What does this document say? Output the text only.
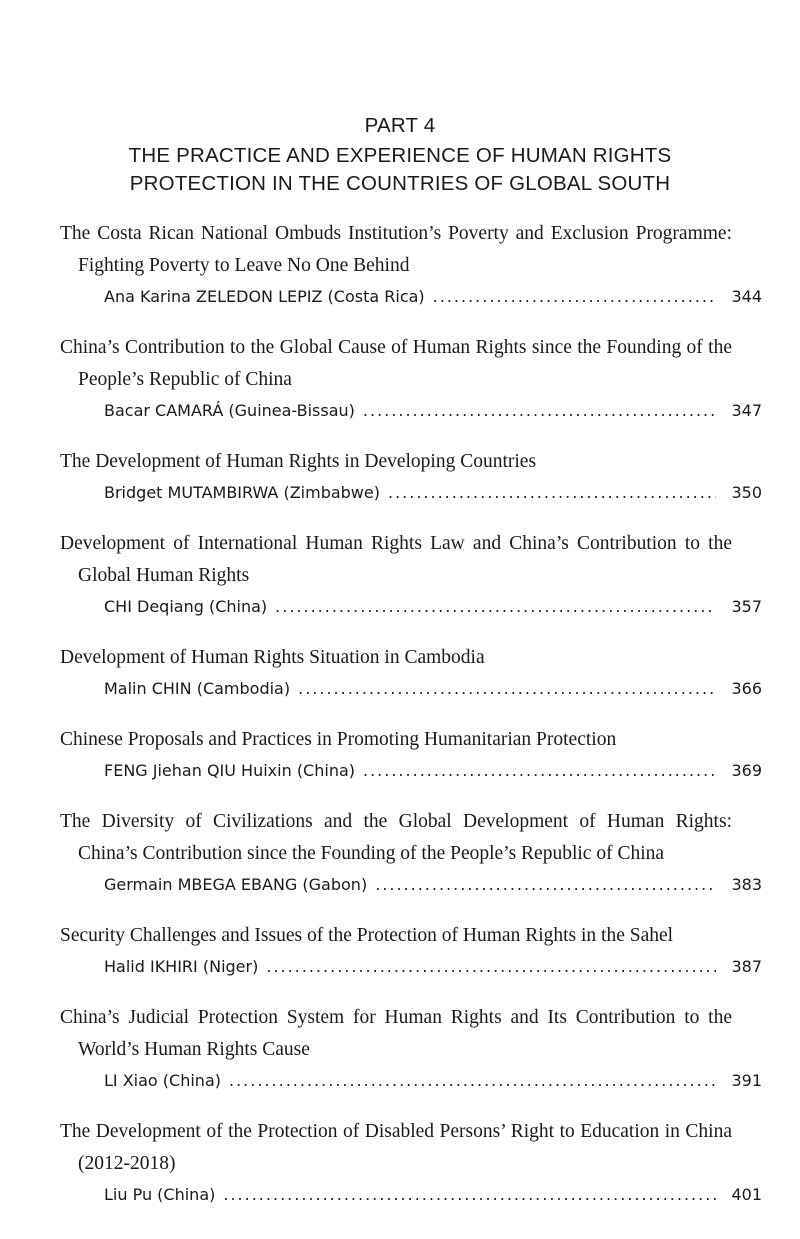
PART 4
THE PRACTICE AND EXPERIENCE OF HUMAN RIGHTS
PROTECTION IN THE COUNTRIES OF GLOBAL SOUTH
The Costa Rican National Ombuds Institution’s Poverty and Exclusion Programme: Fighting Poverty to Leave No One Behind
Ana Karina ZELEDON LEPIZ (Costa Rica) .....	344
China’s Contribution to the Global Cause of Human Rights since the Founding of the People’s Republic of China
Bacar CAMARÁ (Guinea-Bissau) .....	347
The Development of Human Rights in Developing Countries
Bridget MUTAMBIRWA (Zimbabwe) .....	350
Development of International Human Rights Law and China’s Contribution to the Global Human Rights
CHI Deqiang (China) .....	357
Development of Human Rights Situation in Cambodia
Malin CHIN (Cambodia) .....	366
Chinese Proposals and Practices in Promoting Humanitarian Protection
FENG Jiehan QIU Huixin (China) .....	369
The Diversity of Civilizations and the Global Development of Human Rights: China’s Contribution since the Founding of the People’s Republic of China
Germain MBEGA EBANG (Gabon) .....	383
Security Challenges and Issues of the Protection of Human Rights in the Sahel
Halid IKHIRI (Niger) .....	387
China’s Judicial Protection System for Human Rights and Its Contribution to the World’s Human Rights Cause
LI Xiao (China) .....	391
The Development of the Protection of Disabled Persons’ Right to Education in China (2012-2018)
Liu Pu (China) .....	401
